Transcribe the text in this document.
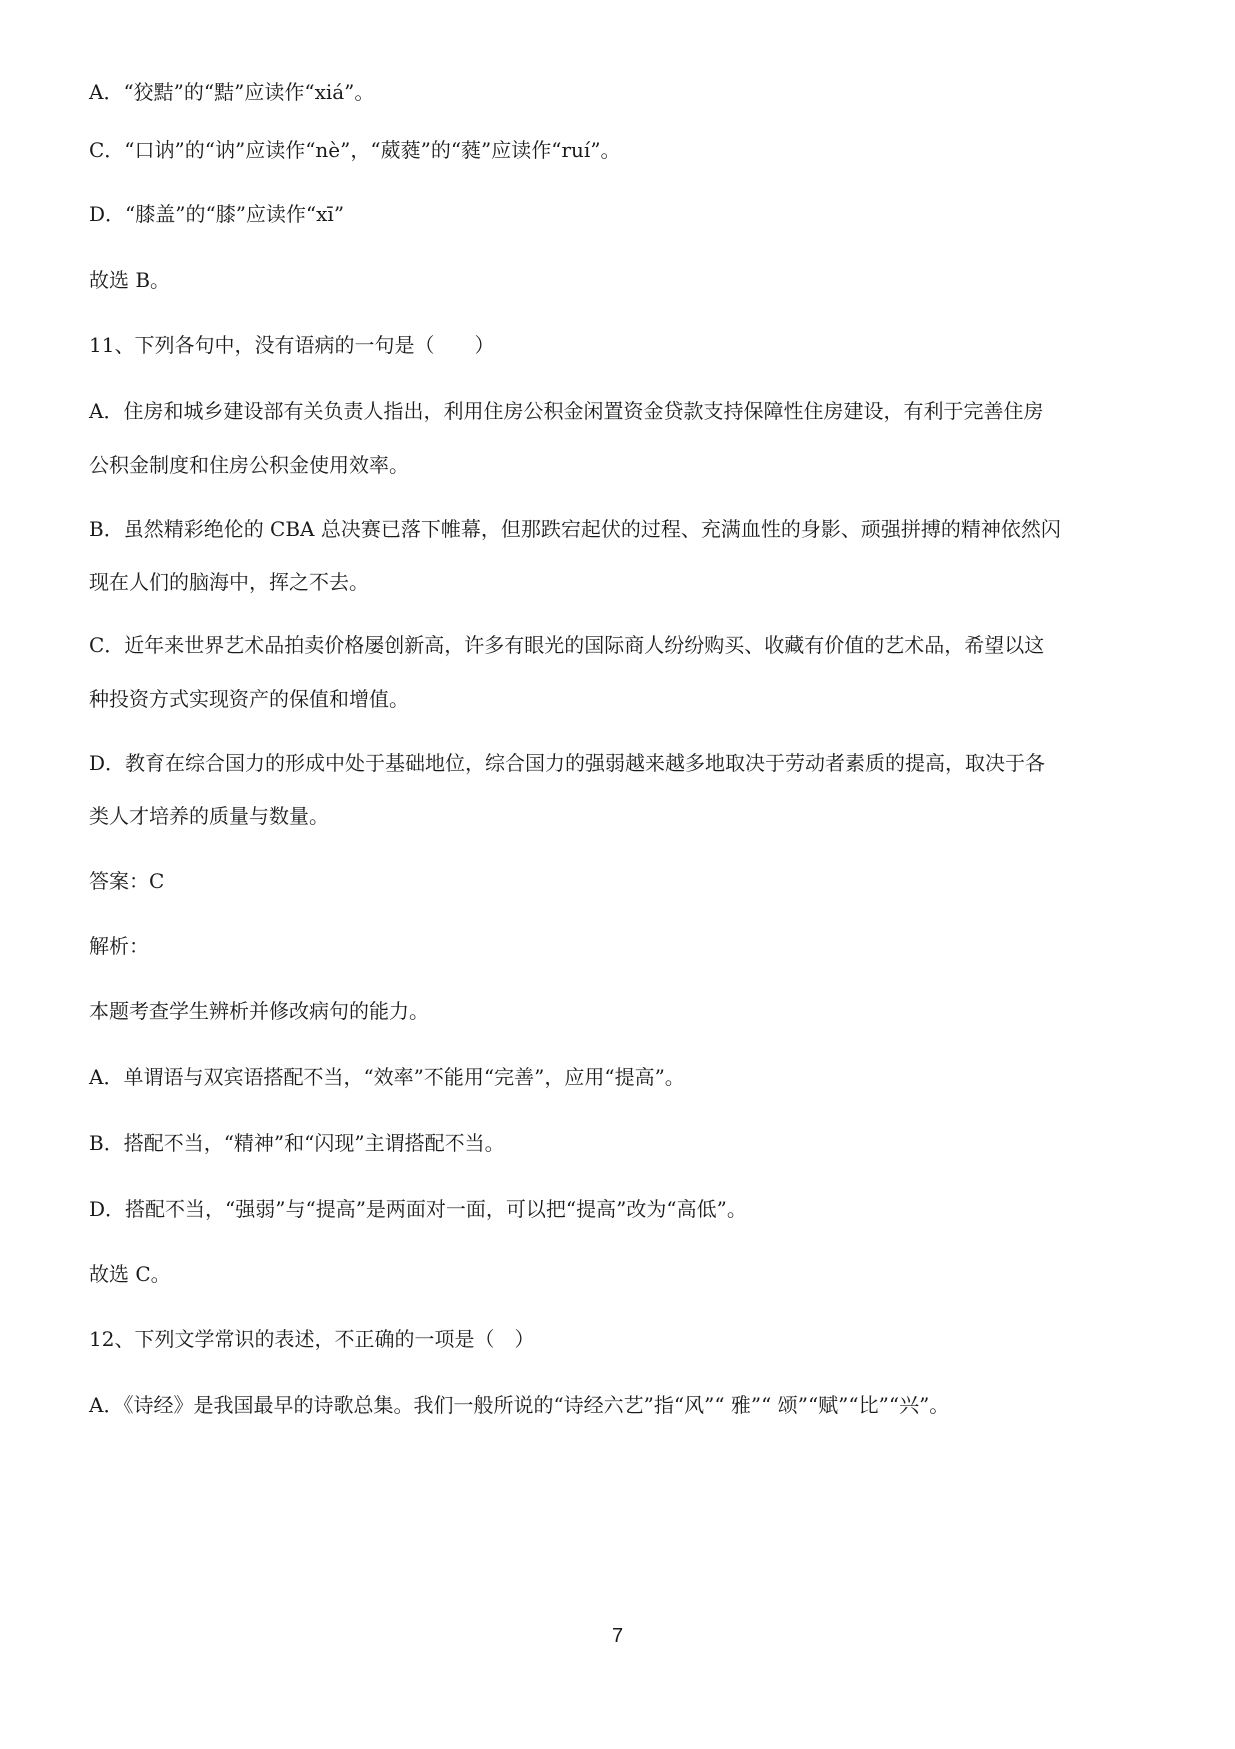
A．“狡黠”的“黠”应读作“xiá”。
C．“口讷”的“讷”应读作“nè”，“葳蕤”的“蕤”应读作“ruí”。
D．“膝盖”的“膝”应读作“xī”
故选 B。
11、下列各句中，没有语病的一句是（　　）
A．住房和城乡建设部有关负责人指出，利用住房公积金闲置资金贷款支持保障性住房建设，有利于完善住房
公积金制度和住房公积金使用效率。
B．虽然精彩绝伦的 CBA 总决赛已落下帷幕，但那跌宕起伏的过程、充满血性的身影、顽强拼搏的精神依然闪
现在人们的脑海中，挥之不去。
C．近年来世界艺术品拍卖价格屡创新高，许多有眼光的国际商人纷纷购买、收藏有价值的艺术品，希望以这
种投资方式实现资产的保值和增值。
D．教育在综合国力的形成中处于基础地位，综合国力的强弱越来越多地取决于劳动者素质的提高，取决于各
类人才培养的质量与数量。
答案：C
解析：
本题考查学生辨析并修改病句的能力。
A．单谓语与双宾语搭配不当，“效率”不能用“完善”，应用“提高”。
B．搭配不当，“精神”和“闪现”主谓搭配不当。
D．搭配不当，“强弱”与“提高”是两面对一面，可以把“提高”改为“高低”。
故选 C。
12、下列文学常识的表述，不正确的一项是（　）
A．《诗经》是我国最早的诗歌总集。我们一般所说的“诗经六艺”指“风”“ 雅”“ 颂”“赋”“比”“兴”。
7
